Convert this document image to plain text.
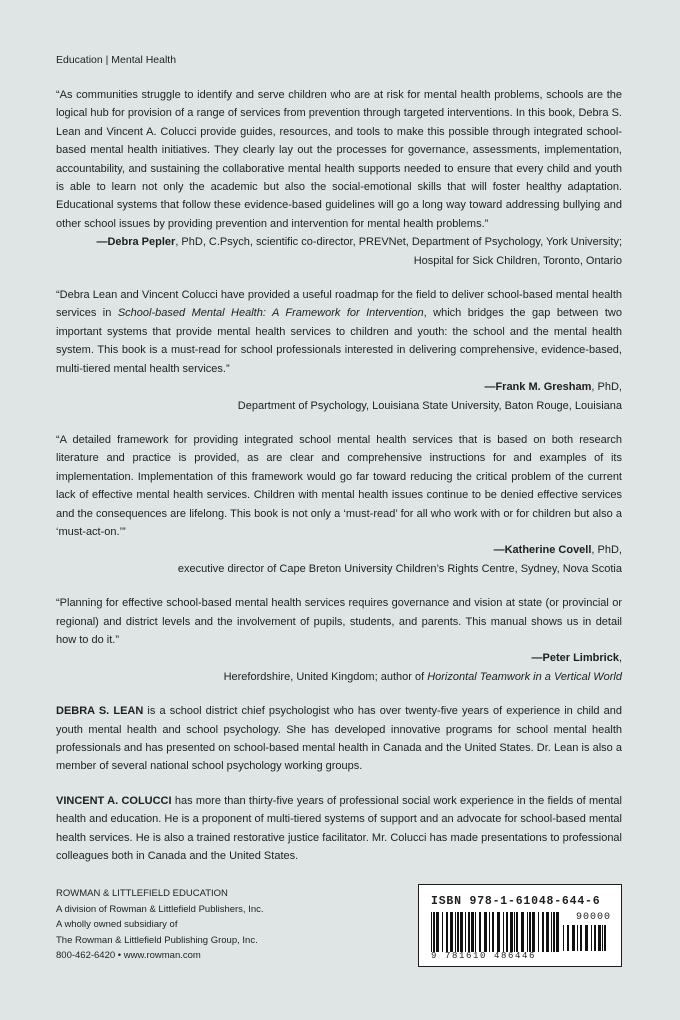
Education | Mental Health

“As communities struggle to identify and serve children who are at risk for mental health problems, schools are the logical hub for provision of a range of services from prevention through targeted interventions. In this book, Debra S. Lean and Vincent A. Colucci provide guides, resources, and tools to make this possible through integrated school-based mental health initiatives. They clearly lay out the processes for governance, assessments, implementation, accountability, and sustaining the collaborative mental health supports needed to ensure that every child and youth is able to learn not only the academic but also the social-emotional skills that will foster healthy adaptation. Educational systems that follow these evidence-based guidelines will go a long way toward addressing bullying and other school issues by providing prevention and intervention for mental health problems.”

—Debra Pepler, PhD, C.Psych, scientific co-director, PREVNet, Department of Psychology, York University;
Hospital for Sick Children, Toronto, Ontario

“Debra Lean and Vincent Colucci have provided a useful roadmap for the field to deliver school-based mental health services in School-based Mental Health: A Framework for Intervention, which bridges the gap between two important systems that provide mental health services to children and youth: the school and the mental health system. This book is a must-read for school professionals interested in delivering comprehensive, evidence-based, multi-tiered mental health services.”

—Frank M. Gresham, PhD,
Department of Psychology, Louisiana State University, Baton Rouge, Louisiana

“A detailed framework for providing integrated school mental health services that is based on both research literature and practice is provided, as are clear and comprehensive instructions for and examples of its implementation. Implementation of this framework would go far toward reducing the critical problem of the current lack of effective mental health services. Children with mental health issues continue to be denied effective services and the consequences are lifelong. This book is not only a ‘must-read’ for all who work with or for children but also a ‘must-act-on.’”

—Katherine Covell, PhD,
executive director of Cape Breton University Children’s Rights Centre, Sydney, Nova Scotia

“Planning for effective school-based mental health services requires governance and vision at state (or provincial or regional) and district levels and the involvement of pupils, students, and parents. This manual shows us in detail how to do it.”

—Peter Limbrick,
Herefordshire, United Kingdom; author of Horizontal Teamwork in a Vertical World

DEBRA S. LEAN is a school district chief psychologist who has over twenty-five years of experience in child and youth mental health and school psychology. She has developed innovative programs for school mental health professionals and has presented on school-based mental health in Canada and the United States. Dr. Lean is also a member of several national school psychology working groups.

VINCENT A. COLUCCI has more than thirty-five years of professional social work experience in the fields of mental health and education. He is a proponent of multi-tiered systems of support and an advocate for school-based mental health services. He is also a trained restorative justice facilitator. Mr. Colucci has made presentations to professional colleagues both in Canada and the United States.

ROWMAN & LITTLEFIELD EDUCATION
A division of Rowman & Littlefield Publishers, Inc.
A wholly owned subsidiary of
The Rowman & Littlefield Publishing Group, Inc.
800-462-6420 • www.rowman.com
ISBN 978-1-61048-644-6
90000
9 781610 486446
